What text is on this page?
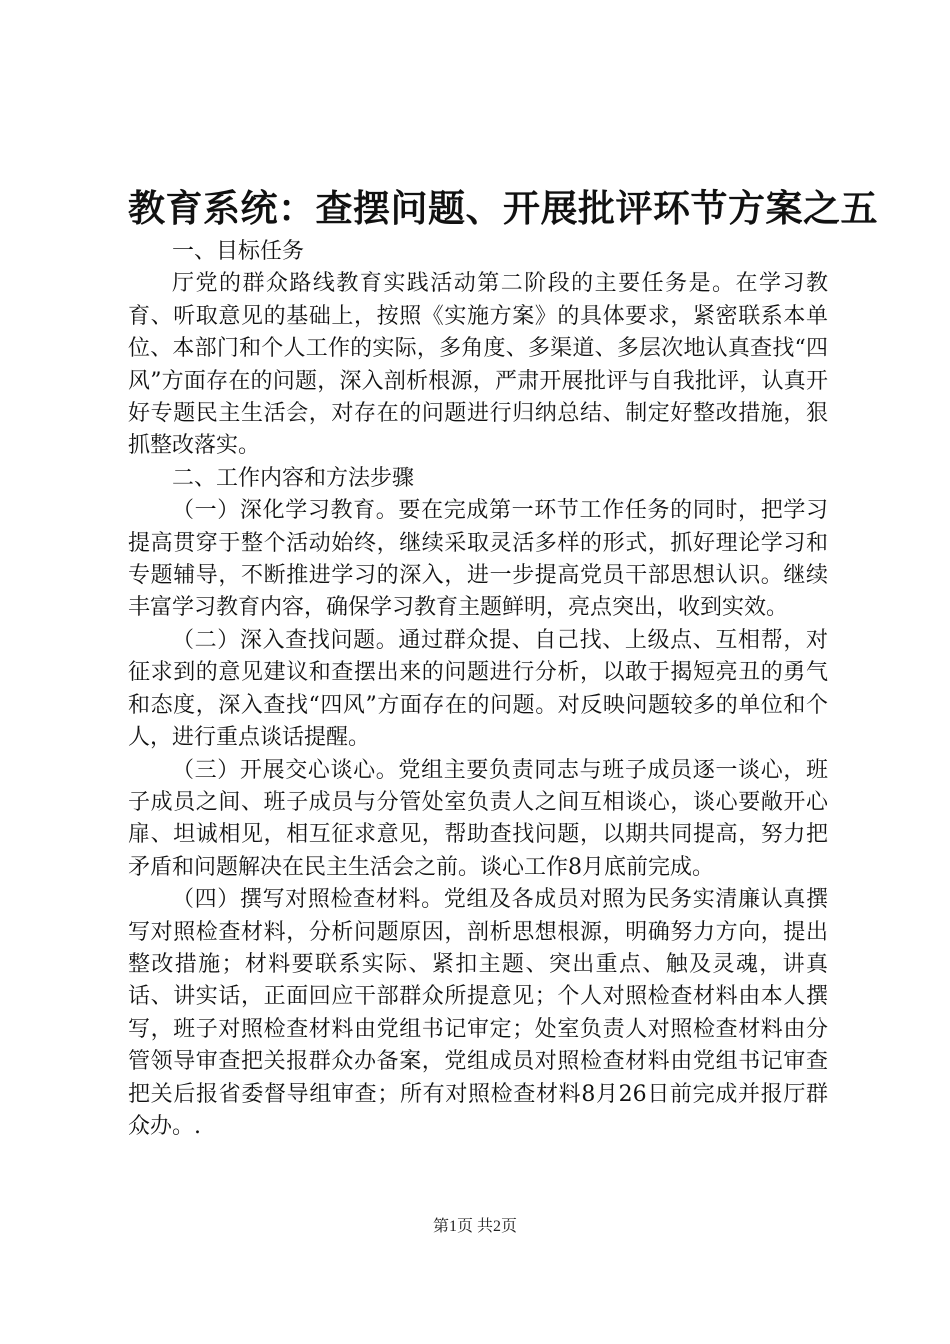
教育系统：查摆问题、开展批评环节方案之五

一、目标任务

厅党的群众路线教育实践活动第二阶段的主要任务是。在学习教育、听取意见的基础上，按照《实施方案》的具体要求，紧密联系本单位、本部门和个人工作的实际，多角度、多渠道、多层次地认真查找“四风”方面存在的问题，深入剖析根源，严肃开展批评与自我批评，认真开好专题民主生活会，对存在的问题进行归纳总结、制定好整改措施，狠抓整改落实。

二、工作内容和方法步骤

（一）深化学习教育。要在完成第一环节工作任务的同时，把学习提高贯穿于整个活动始终，继续采取灵活多样的形式，抓好理论学习和专题辅导，不断推进学习的深入，进一步提高党员干部思想认识。继续丰富学习教育内容，确保学习教育主题鲜明，亮点突出，收到实效。

（二）深入查找问题。通过群众提、自己找、上级点、互相帮，对征求到的意见建议和查摆出来的问题进行分析，以敢于揭短亮丑的勇气和态度，深入查找“四风”方面存在的问题。对反映问题较多的单位和个人，进行重点谈话提醒。

（三）开展交心谈心。党组主要负责同志与班子成员逐一谈心，班子成员之间、班子成员与分管处室负责人之间互相谈心，谈心要敞开心扉、坦诚相见，相互征求意见，帮助查找问题，以期共同提高，努力把矛盾和问题解决在民主生活会之前。谈心工作8月底前完成。

（四）撰写对照检查材料。党组及各成员对照为民务实清廉认真撰写对照检查材料，分析问题原因，剖析思想根源，明确努力方向，提出整改措施；材料要联系实际、紧扣主题、突出重点、触及灵魂，讲真话、讲实话，正面回应干部群众所提意见；个人对照检查材料由本人撰写，班子对照检查材料由党组书记审定；处室负责人对照检查材料由分管领导审查把关报群众办备案，党组成员对照检查材料由党组书记审查把关后报省委督导组审查；所有对照检查材料8月26日前完成并报厅群众办。.

第1页 共2页
